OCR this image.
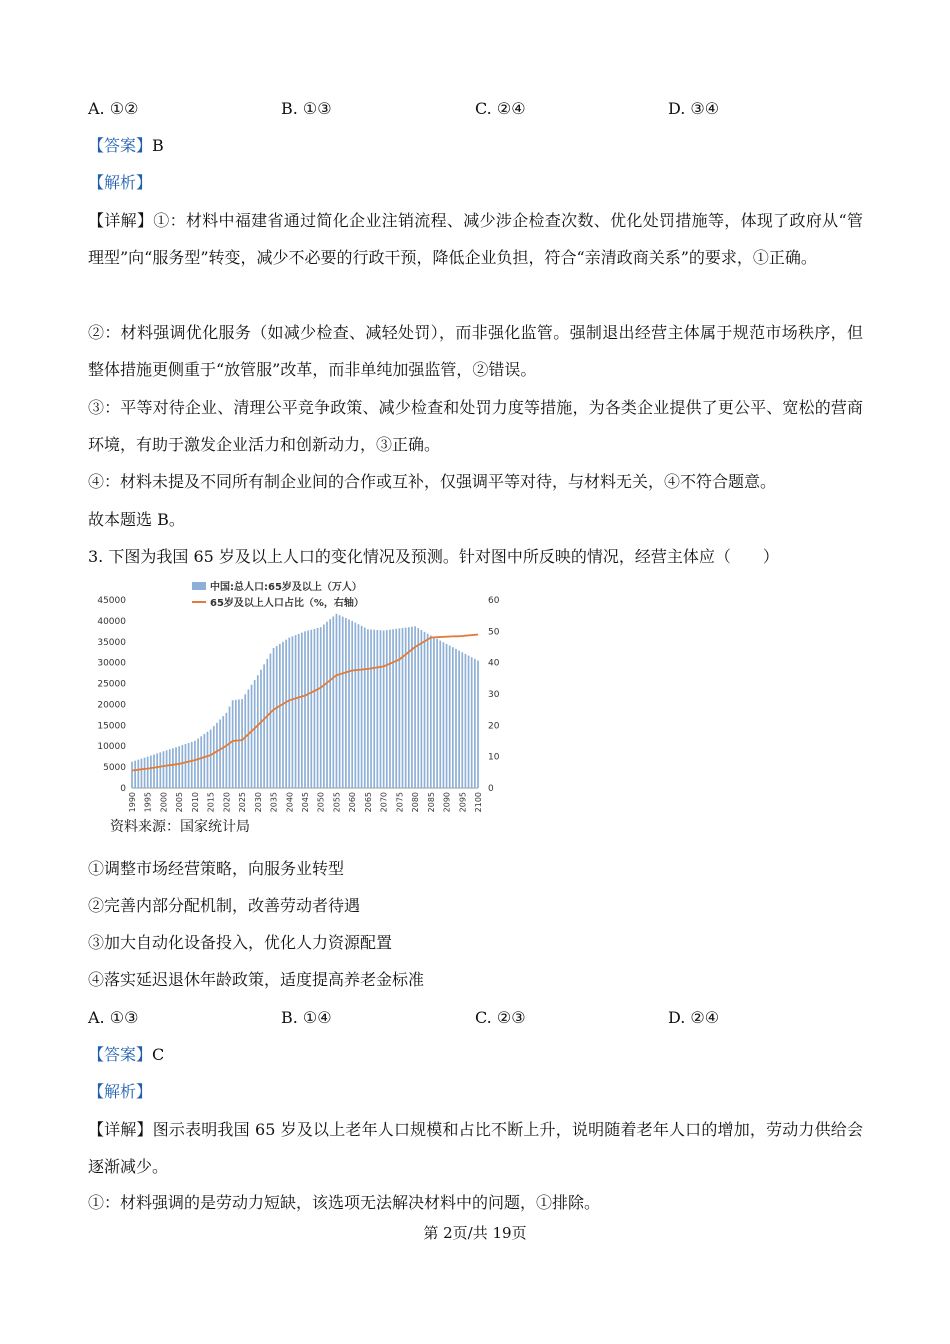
A. ①②	B. ①③	C. ②④	D. ③④
【答案】B
【解析】
【详解】①：材料中福建省通过简化企业注销流程、减少涉企检查次数、优化处罚措施等，体现了政府从“管理型”向“服务型”转变，减少不必要的行政干预，降低企业负担，符合“亲清政商关系”的要求，①正确。
②：材料强调优化服务（如减少检查、减轻处罚），而非强化监管。强制退出经营主体属于规范市场秩序，但整体措施更侧重于“放管服”改革，而非单纯加强监管，②错误。
③：平等对待企业、清理公平竞争政策、减少检查和处罚力度等措施，为各类企业提供了更公平、宽松的营商环境，有助于激发企业活力和创新动力，③正确。
④：材料未提及不同所有制企业间的合作或互补，仅强调平等对待，与材料无关，④不符合题意。
故本题选 B。
3. 下图为我国 65 岁及以上人口的变化情况及预测。针对图中所反映的情况，经营主体应（　　）
中国:总人口:65岁及以上（万人）
65岁及以上人口占比（%，右轴）
0
5000
10000
15000
20000
25000
30000
35000
40000
45000
0
10
20
30
40
50
60
1990 1995 2000 2005 2010 2015 2020 2025 2030 2035 2040 2045 2050 2055 2060 2065 2070 2075 2080 2085 2090 2095 2100
资料来源：国家统计局
①调整市场经营策略，向服务业转型
②完善内部分配机制，改善劳动者待遇
③加大自动化设备投入，优化人力资源配置
④落实延迟退休年龄政策，适度提高养老金标准
A. ①③	B. ①④	C. ②③	D. ②④
【答案】C
【解析】
【详解】图示表明我国 65 岁及以上老年人口规模和占比不断上升，说明随着老年人口的增加，劳动力供给会逐渐减少。
①：材料强调的是劳动力短缺，该选项无法解决材料中的问题，①排除。
第 2页/共 19页
